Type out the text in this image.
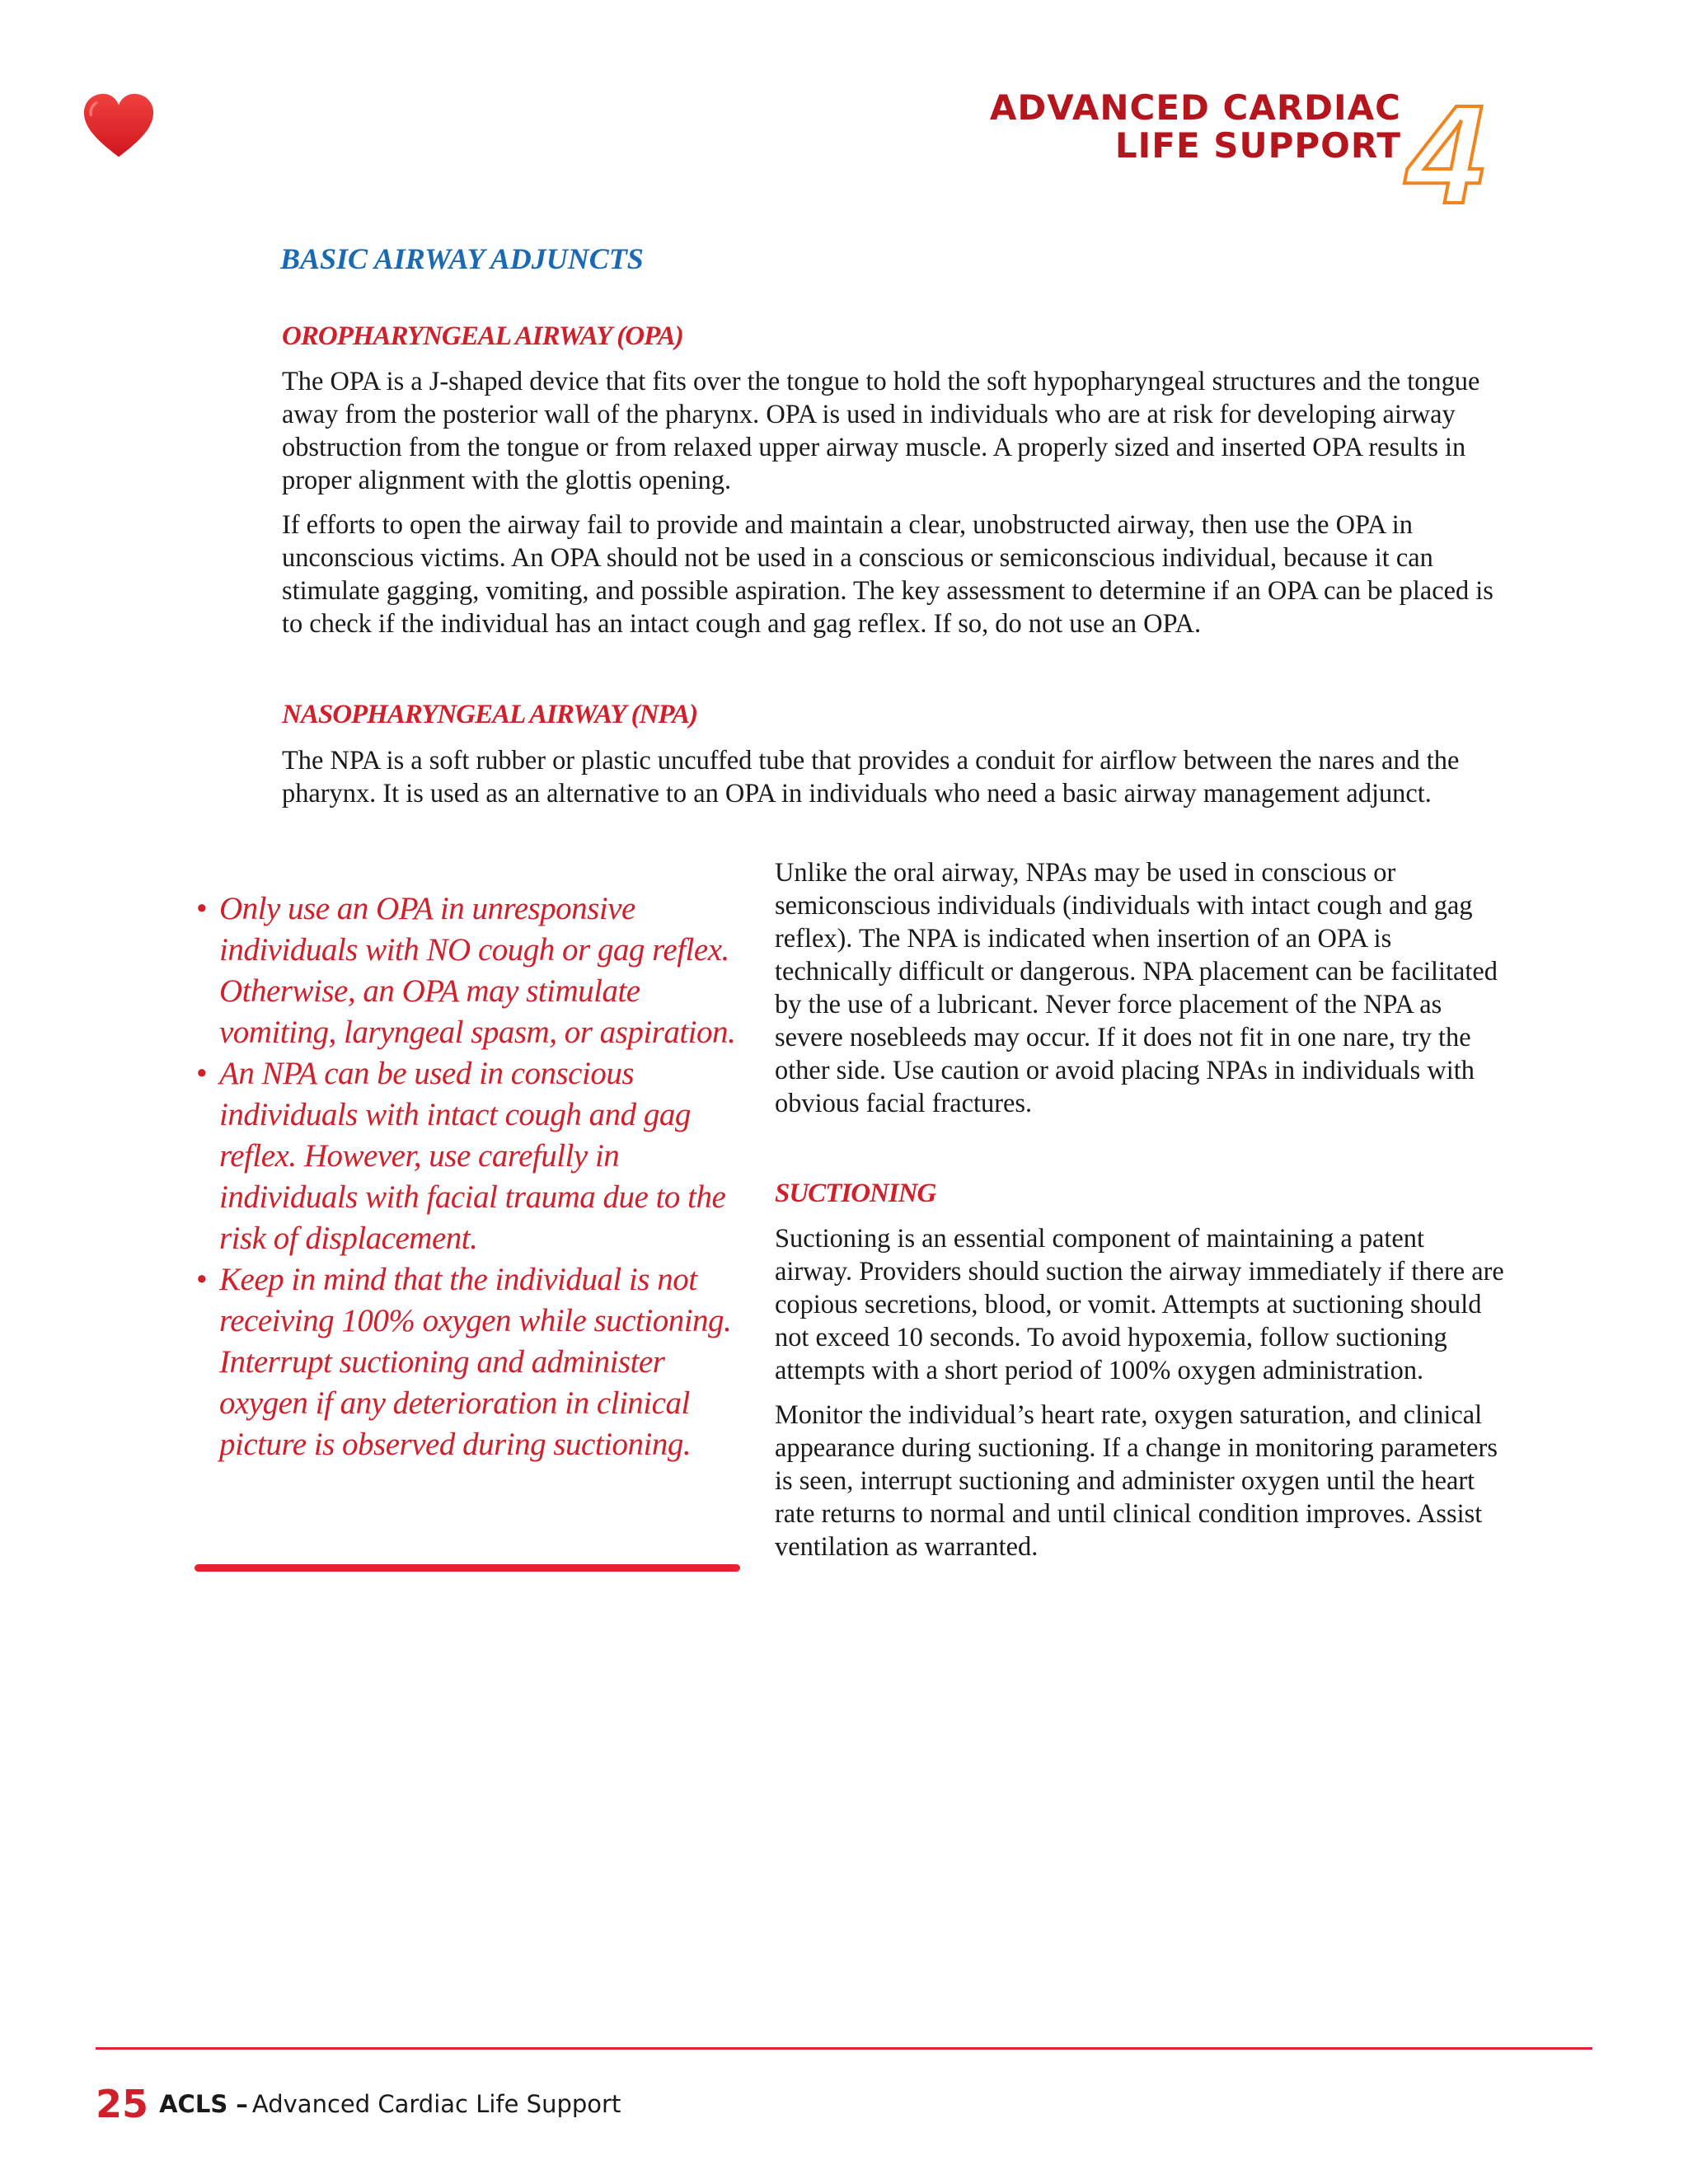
ADVANCED CARDIAC
LIFE SUPPORT 4
BASIC AIRWAY ADJUNCTS
OROPHARYNGEAL AIRWAY (OPA)

The OPA is a J-shaped device that fits over the tongue to hold the soft hypopharyngeal structures and the tongue away from the posterior wall of the pharynx. OPA is used in individuals who are at risk for developing airway obstruction from the tongue or from relaxed upper airway muscle. A properly sized and inserted OPA results in proper alignment with the glottis opening.

If efforts to open the airway fail to provide and maintain a clear, unobstructed airway, then use the OPA in unconscious victims. An OPA should not be used in a conscious or semiconscious individual, because it can stimulate gagging, vomiting, and possible aspiration. The key assessment to determine if an OPA can be placed is to check if the individual has an intact cough and gag reflex. If so, do not use an OPA.

NASOPHARYNGEAL AIRWAY (NPA)
The NPA is a soft rubber or plastic uncuffed tube that provides a conduit for airflow between the nares and the pharynx. It is used as an alternative to an OPA in individuals who need a basic airway management adjunct.
Unlike the oral airway, NPAs may be used in conscious or semiconscious individuals (individuals with intact cough and gag reflex). The NPA is indicated when insertion of an OPA is technically difficult or dangerous. NPA placement can be facilitated by the use of a lubricant. Never force placement of the NPA as severe nosebleeds may occur. If it does not fit in one nare, try the other side. Use caution or avoid placing NPAs in individuals with obvious facial fractures.
SUCTIONING

Suctioning is an essential component of maintaining a patent airway. Providers should suction the airway immediately if there are copious secretions, blood, or vomit. Attempts at suctioning should not exceed 10 seconds. To avoid hypoxemia, follow suctioning attempts with a short period of 100% oxygen administration.

Monitor the individual’s heart rate, oxygen saturation, and clinical appearance during suctioning. If a change in monitoring parameters is seen, interrupt suctioning and administer oxygen until the heart rate returns to normal and until clinical condition improves. Assist ventilation as warranted.

• Only use an OPA in unresponsive individuals with NO cough or gag reflex. Otherwise, an OPA may stimulate vomiting, laryngeal spasm, or aspiration.
• An NPA can be used in conscious individuals with intact cough and gag reflex. However, use carefully in individuals with facial trauma due to the risk of displacement.
• Keep in mind that the individual is not receiving 100% oxygen while suctioning. Interrupt suctioning and administer oxygen if any deterioration in clinical picture is observed during suctioning.
25 ACLS – Advanced Cardiac Life Support
